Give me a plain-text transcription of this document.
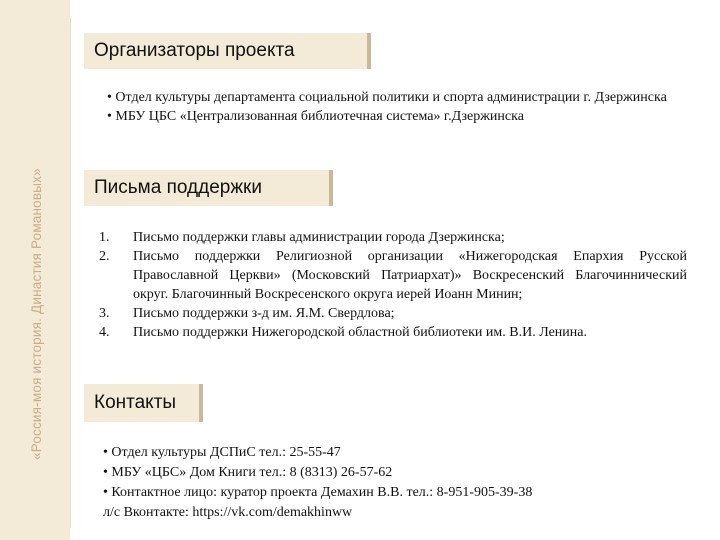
«Россия-моя история. Династия Романовых»
Организаторы проекта
• Отдел культуры департамента социальной политики и спорта администрации г. Дзержинска
• МБУ ЦБС «Централизованная библиотечная система» г.Дзержинска
Письма поддержки
1. Письмо поддержки главы администрации города Дзержинска;
2. Письмо поддержки Религиозной организации «Нижегородская Епархия Русской Православной Церкви» (Московский Патриархат)» Воскресенский Благочиннический округ. Благочинный Воскресенского округа иерей Иоанн Минин;
3. Письмо поддержки з-д им. Я.М. Свердлова;
4. Письмо поддержки Нижегородской областной библиотеки им. В.И. Ленина.
Контакты
• Отдел культуры ДСПиС тел.: 25-55-47
• МБУ «ЦБС» Дом Книги тел.: 8 (8313) 26-57-62
• Контактное лицо: куратор проекта Демахин В.В. тел.: 8-951-905-39-38
л/с Вконтакте: https://vk.com/demakhinww
